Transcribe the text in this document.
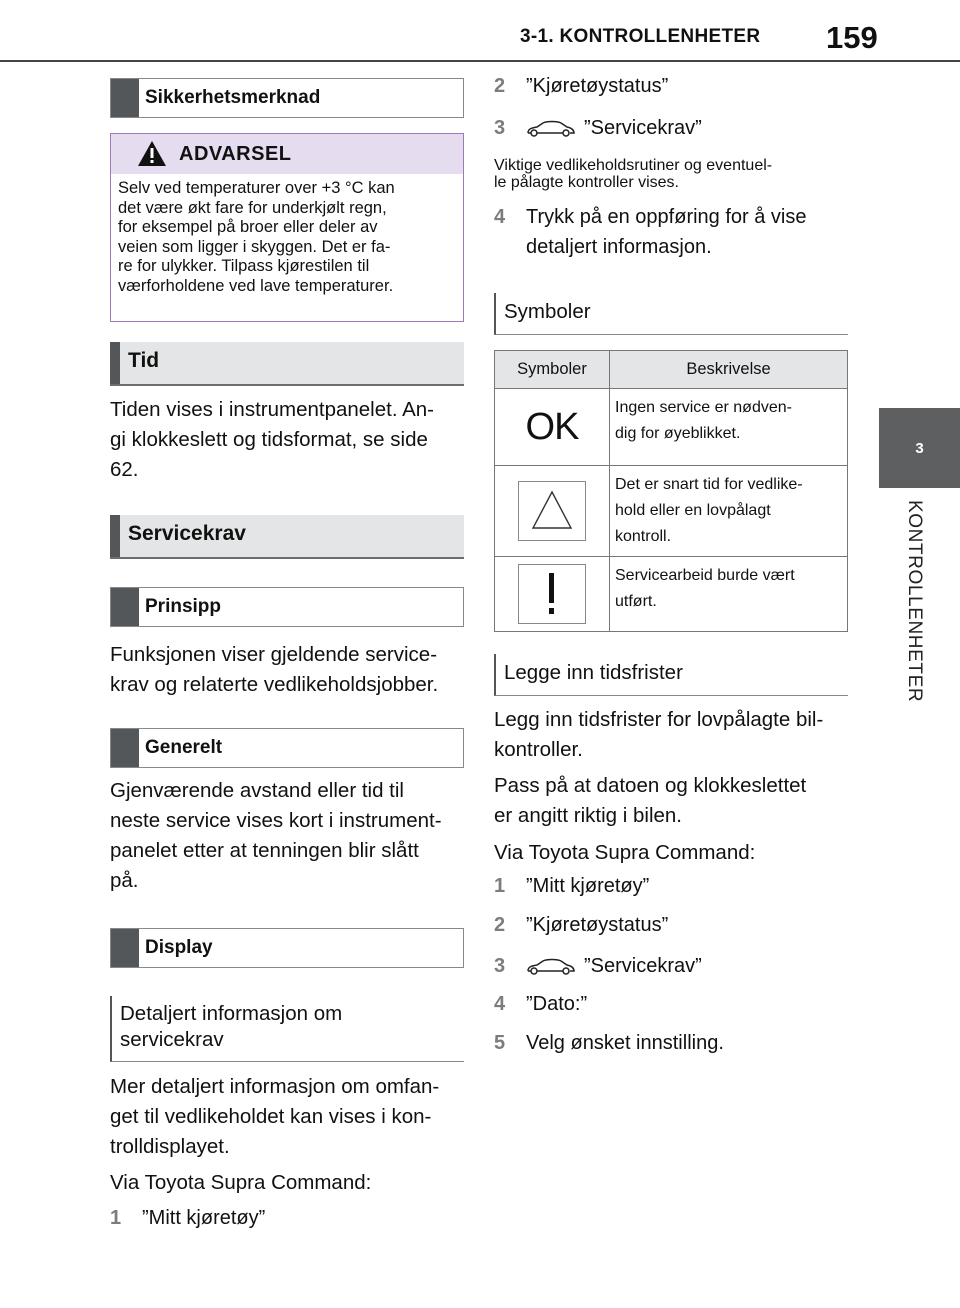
3-1. KONTROLLENHETER 159
3
KONTROLLENHETER
Sikkerhetsmerknad
ADVARSEL
Selv ved temperaturer over +3 °C kan
det være økt fare for underkjølt regn,
for eksempel på broer eller deler av
veien som ligger i skyggen. Det er fa-
re for ulykker. Tilpass kjørestilen til
værforholdene ved lave temperaturer.
Tid
Tiden vises i instrumentpanelet. An-
gi klokkeslett og tidsformat, se side
62.
Servicekrav
Prinsipp
Funksjonen viser gjeldende service-
krav og relaterte vedlikeholdsjobber.
Generelt
Gjenværende avstand eller tid til
neste service vises kort i instrument-
panelet etter at tenningen blir slått
på.
Display
Detaljert informasjon om
servicekrav
Mer detaljert informasjon om omfan-
get til vedlikeholdet kan vises i kon-
trolldisplayet.
Via Toyota Supra Command:
1	”Mitt kjøretøy”
2	”Kjøretøystatus”
3	”Servicekrav”
Viktige vedlikeholdsrutiner og eventuel-
le pålagte kontroller vises.
4	Trykk på en oppføring for å vise
detaljert informasjon.
Symboler
Symboler	Beskrivelse
OK	Ingen service er nødven-
dig for øyeblikket.

Det er snart tid for vedlike-
hold eller en lovpålagt
kontroll.

Servicearbeid burde vært
utført.
Legge inn tidsfrister
Legg inn tidsfrister for lovpålagte bil-
kontroller.
Pass på at datoen og klokkeslettet
er angitt riktig i bilen.
Via Toyota Supra Command:
1	”Mitt kjøretøy”
2	”Kjøretøystatus”
3	”Servicekrav”
4	”Dato:”
5	Velg ønsket innstilling.
